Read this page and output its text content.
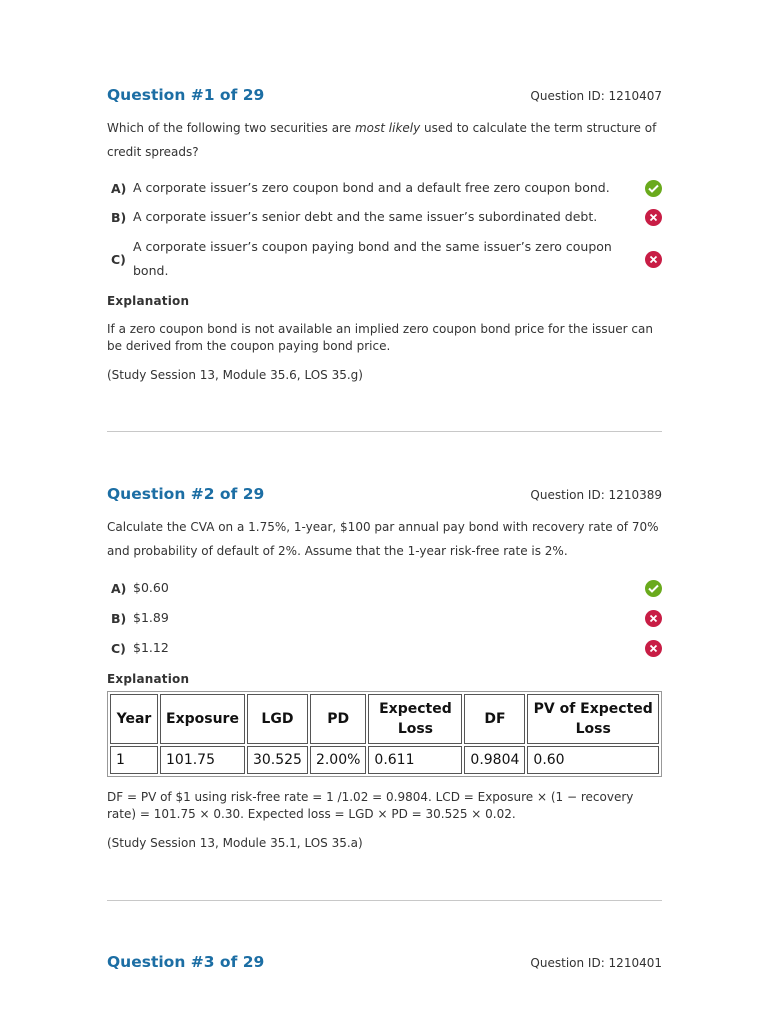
Question #1 of 29	Question ID: 1210407

Which of the following two securities are most likely used to calculate the term structure of credit spreads?

A) A corporate issuer’s zero coupon bond and a default free zero coupon bond.
B) A corporate issuer’s senior debt and the same issuer’s subordinated debt.
C)
A corporate issuer’s coupon paying bond and the same issuer’s zero coupon bond.
Explanation
If a zero coupon bond is not available an implied zero coupon bond price for the issuer can be derived from the coupon paying bond price.
(Study Session 13, Module 35.6, LOS 35.g)
Question #2 of 29	Question ID: 1210389

Calculate the CVA on a 1.75%, 1-year, $100 par annual pay bond with recovery rate of 70% and probability of default of 2%. Assume that the 1-year risk-free rate is 2%.

A) $0.60
B) $1.89
C) $1.12
Explanation
Year	Exposure	LGD	PD	Expected Loss	DF	PV of Expected Loss
1	101.75	30.525	2.00%	0.611	0.9804	0.60
DF = PV of $1 using risk-free rate = 1 /1.02 = 0.9804. LCD = Exposure × (1 − recovery rate) = 101.75 × 0.30. Expected loss = LGD × PD = 30.525 × 0.02.
(Study Session 13, Module 35.1, LOS 35.a)
Question #3 of 29	Question ID: 1210401
